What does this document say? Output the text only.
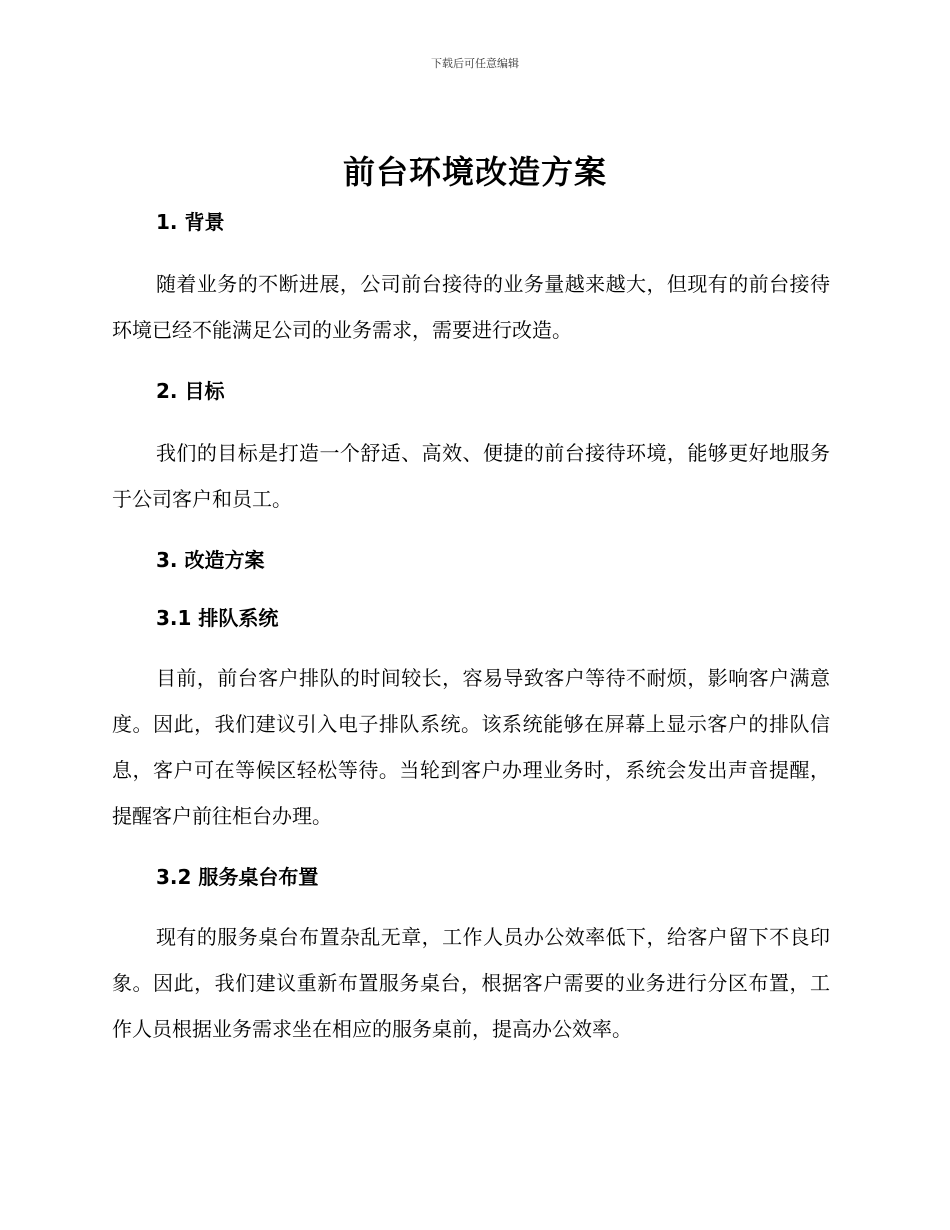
下载后可任意编辑
前台环境改造方案
1. 背景

随着业务的不断进展，公司前台接待的业务量越来越大，但现有的前台接待环境已经不能满足公司的业务需求，需要进行改造。

2. 目标

我们的目标是打造一个舒适、高效、便捷的前台接待环境，能够更好地服务于公司客户和员工。

3. 改造方案
3.1 排队系统

目前，前台客户排队的时间较长，容易导致客户等待不耐烦，影响客户满意度。因此，我们建议引入电子排队系统。该系统能够在屏幕上显示客户的排队信息，客户可在等候区轻松等待。当轮到客户办理业务时，系统会发出声音提醒，提醒客户前往柜台办理。

3.2 服务桌台布置

现有的服务桌台布置杂乱无章，工作人员办公效率低下，给客户留下不良印象。因此，我们建议重新布置服务桌台，根据客户需要的业务进行分区布置，工作人员根据业务需求坐在相应的服务桌前，提高办公效率。
